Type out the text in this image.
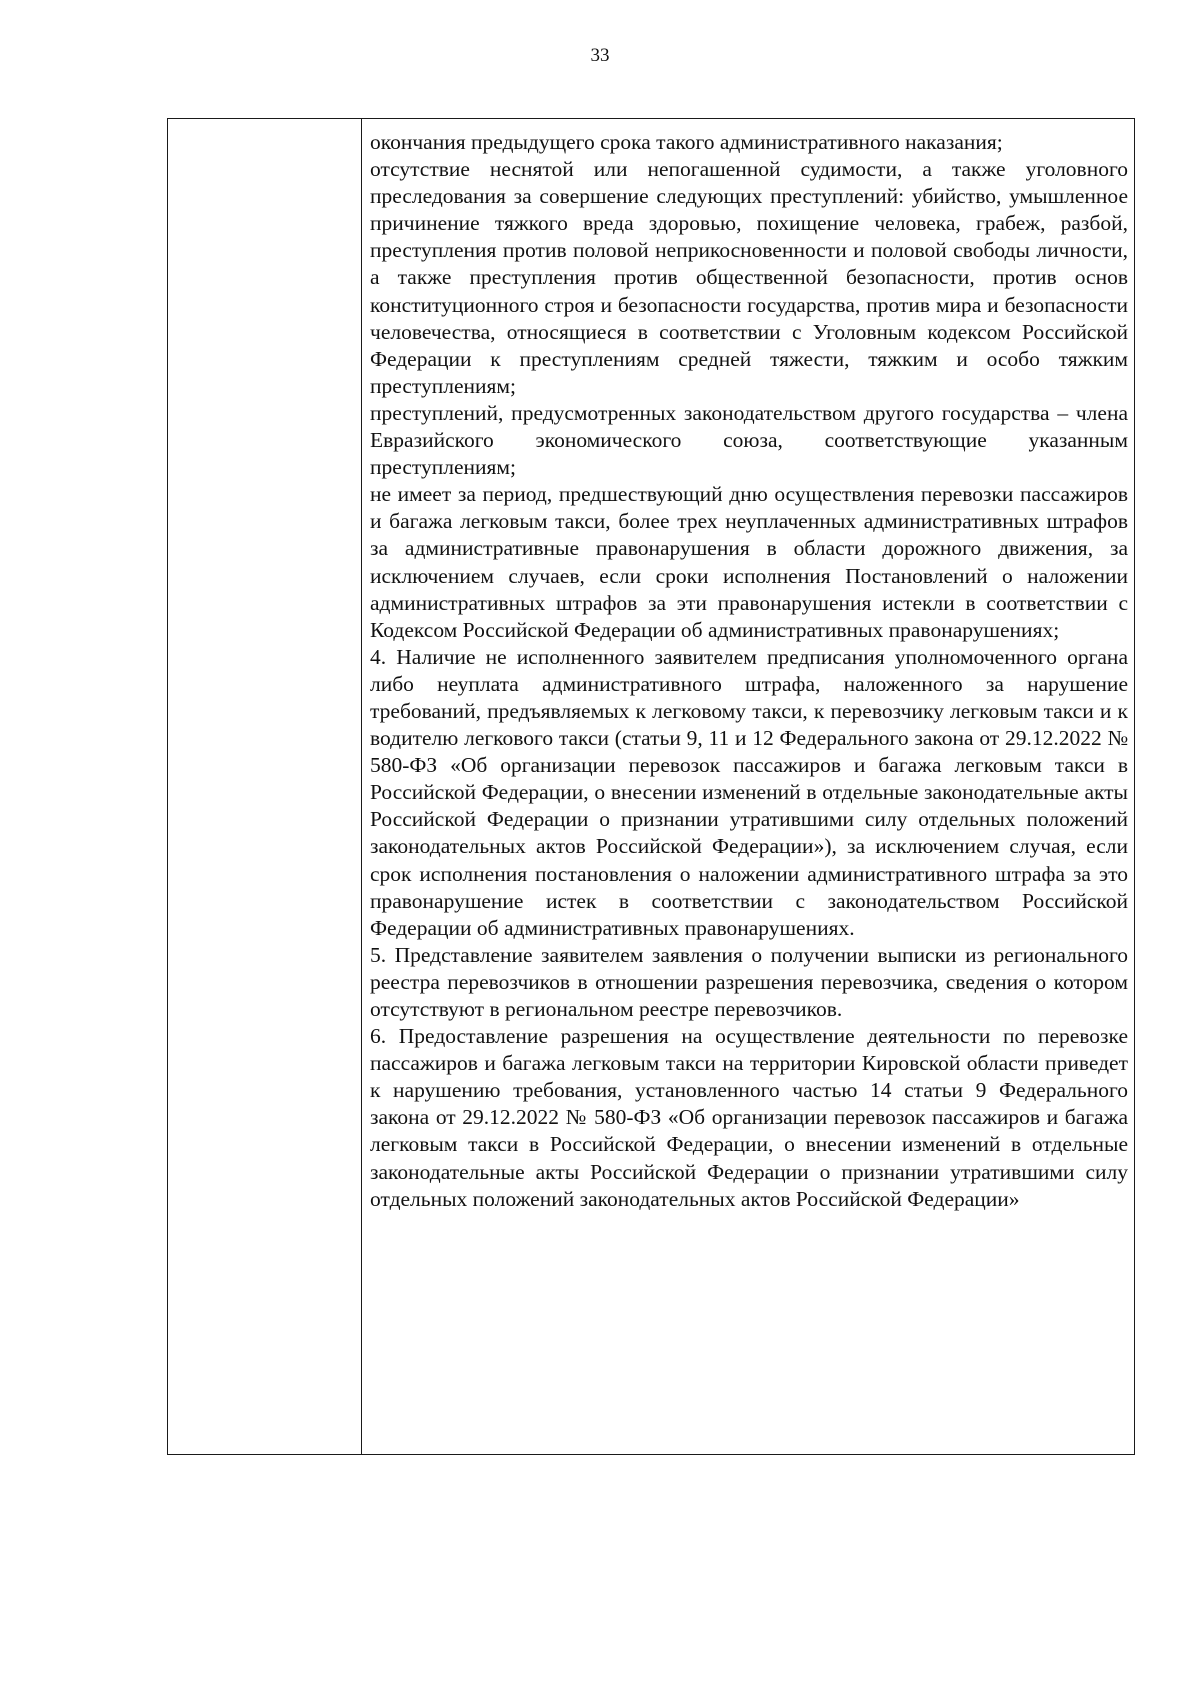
33

окончания предыдущего срока такого административного наказания;

отсутствие неснятой или непогашенной судимости, а также уголовного преследования за совершение следующих преступлений: убийство, умышленное причинение тяжкого вреда здоровью, похищение человека, грабеж, разбой, преступления против половой неприкосновенности и половой свободы личности, а также преступления против общественной безопасности, против основ конституционного строя и безопасности государства, против мира и безопасности человечества, относящиеся в соответствии с Уголовным кодексом Российской Федерации к преступлениям средней тяжести, тяжким и особо тяжким преступлениям;

преступлений, предусмотренных законодательством другого государства – члена Евразийского экономического союза, соответствующие указанным преступлениям;

не имеет за период, предшествующий дню осуществления перевозки пассажиров и багажа легковым такси, более трех неуплаченных административных штрафов за административные правонарушения в области дорожного движения, за исключением случаев, если сроки исполнения Постановлений о наложении административных штрафов за эти правонарушения истекли в соответствии с Кодексом Российской Федерации об административных правонарушениях;

4. Наличие не исполненного заявителем предписания уполномоченного органа либо неуплата административного штрафа, наложенного за нарушение требований, предъявляемых к легковому такси, к перевозчику легковым такси и к водителю легкового такси (статьи 9, 11 и 12 Федерального закона от 29.12.2022 № 580-ФЗ «Об организации перевозок пассажиров и багажа легковым такси в Российской Федерации, о внесении изменений в отдельные законодательные акты Российской Федерации о признании утратившими силу отдельных положений законодательных актов Российской Федерации»), за исключением случая, если срок исполнения постановления о наложении административного штрафа за это правонарушение истек в соответствии с законодательством Российской Федерации об административных правонарушениях.

5. Представление заявителем заявления о получении выписки из регионального реестра перевозчиков в отношении разрешения перевозчика, сведения о котором отсутствуют в региональном реестре перевозчиков.

6. Предоставление разрешения на осуществление деятельности по перевозке пассажиров и багажа легковым такси на территории Кировской области приведет к нарушению требования, установленного частью 14 статьи 9 Федерального закона от 29.12.2022 № 580-ФЗ «Об организации перевозок пассажиров и багажа легковым такси в Российской Федерации, о внесении изменений в отдельные законодательные акты Российской Федерации о признании утратившими силу отдельных положений законодательных актов Российской Федерации»
